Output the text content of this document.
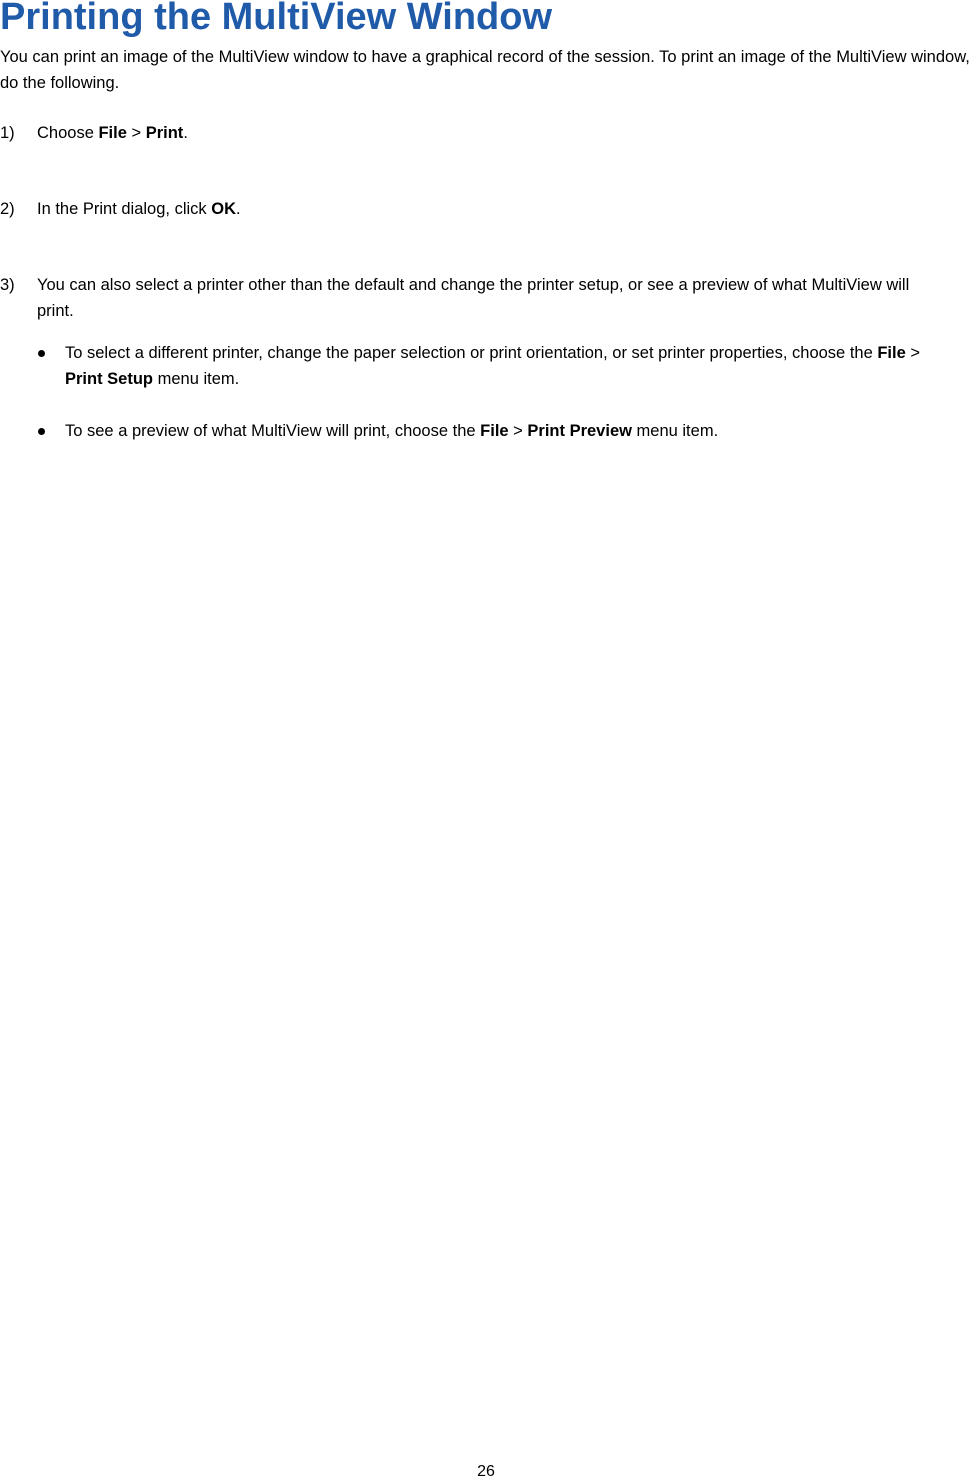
Printing the MultiView Window

You can print an image of the MultiView window to have a graphical record of the session. To print an image of the MultiView window, do the following.

1) Choose File > Print.
2) In the Print dialog, click OK.
3) You can also select a printer other than the default and change the printer setup, or see a preview of what MultiView will print.
To select a different printer, change the paper selection or print orientation, or set printer properties, choose the File > Print Setup menu item.
To see a preview of what MultiView will print, choose the File > Print Preview menu item.
26
